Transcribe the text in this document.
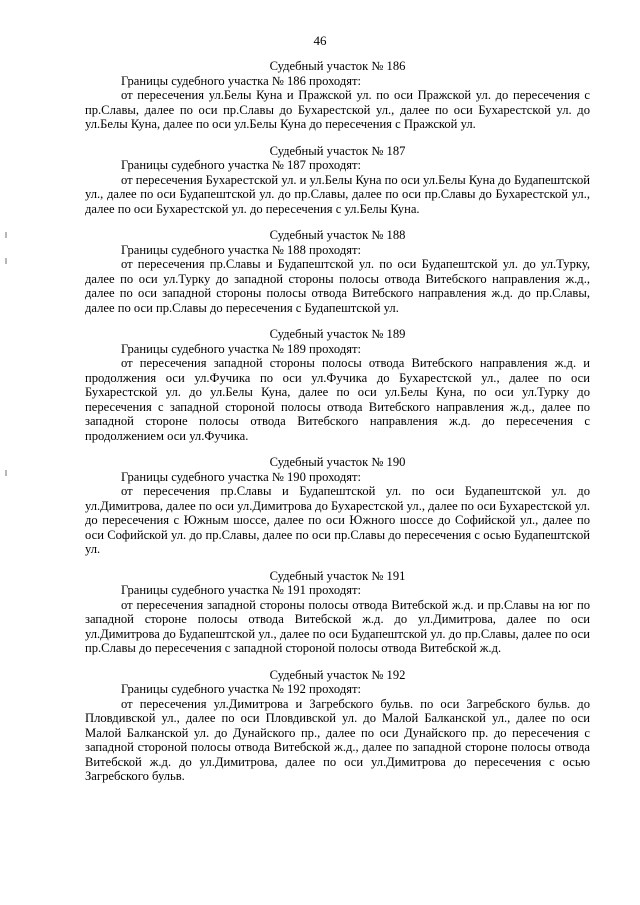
46

Судебный участок № 186

Границы судебного участка № 186 проходят:

от пересечения ул.Белы Куна и Пражской ул. по оси Пражской ул. до пересечения с пр.Славы, далее по оси пр.Славы до Бухарестской ул., далее по оси Бухарестской ул. до ул.Белы Куна, далее по оси ул.Белы Куна до пересечения с Пражской ул.

Судебный участок № 187

Границы судебного участка № 187 проходят:

от пересечения Бухарестской ул. и ул.Белы Куна по оси ул.Белы Куна до Будапештской ул., далее по оси Будапештской ул. до пр.Славы, далее по оси пр.Славы до Бухарестской ул., далее по оси Бухарестской ул. до пересечения с ул.Белы Куна.

Судебный участок № 188

Границы судебного участка № 188 проходят:

от пересечения пр.Славы и Будапештской ул. по оси Будапештской ул. до ул.Турку, далее по оси ул.Турку до западной стороны полосы отвода Витебского направления ж.д., далее по оси западной стороны полосы отвода Витебского направления ж.д. до пр.Славы, далее по оси пр.Славы до пересечения с Будапештской ул.

Судебный участок № 189

Границы судебного участка № 189 проходят:

от пересечения западной стороны полосы отвода Витебского направления ж.д. и продолжения оси ул.Фучика по оси ул.Фучика до Бухарестской ул., далее по оси Бухарестской ул. до ул.Белы Куна, далее по оси ул.Белы Куна, по оси ул.Турку до пересечения с западной стороной полосы отвода Витебского направления ж.д., далее по западной стороне полосы отвода Витебского направления ж.д. до пересечения с продолжением оси ул.Фучика.

Судебный участок № 190

Границы судебного участка № 190 проходят:

от пересечения пр.Славы и Будапештской ул. по оси Будапештской ул. до ул.Димитрова, далее по оси ул.Димитрова до Бухарестской ул., далее по оси Бухарестской ул. до пересечения с Южным шоссе, далее по оси Южного шоссе до Софийской ул., далее по оси Софийской ул. до пр.Славы, далее по оси пр.Славы до пересечения с осью Будапештской ул.

Судебный участок № 191

Границы судебного участка № 191 проходят:

от пересечения западной стороны полосы отвода Витебской ж.д. и пр.Славы на юг по западной стороне полосы отвода Витебской ж.д. до ул.Димитрова, далее по оси ул.Димитрова до Будапештской ул., далее по оси Будапештской ул. до пр.Славы, далее по оси пр.Славы до пересечения с западной стороной полосы отвода Витебской ж.д.

Судебный участок № 192

Границы судебного участка № 192 проходят:

от пересечения ул.Димитрова и Загребского бульв. по оси Загребского бульв. до Пловдивской ул., далее по оси Пловдивской ул. до Малой Балканской ул., далее по оси Малой Балканской ул. до Дунайского пр., далее по оси Дунайского пр. до пересечения с западной стороной полосы отвода Витебской ж.д., далее по западной стороне полосы отвода Витебской ж.д. до ул.Димитрова, далее по оси ул.Димитрова до пересечения с осью Загребского бульв.
